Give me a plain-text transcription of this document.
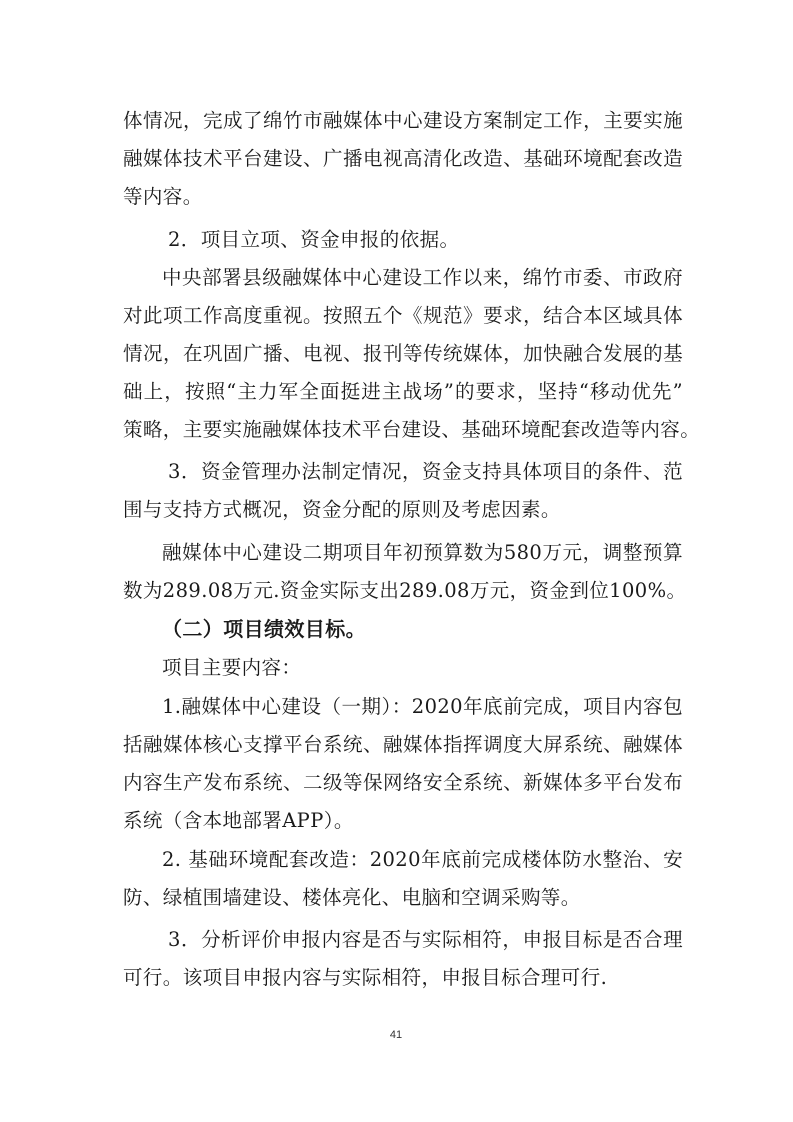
体情况，完成了绵竹市融媒体中心建设方案制定工作，主要实施
融媒体技术平台建设、广播电视高清化改造、基础环境配套改造
等内容。
2．项目立项、资金申报的依据。
中央部署县级融媒体中心建设工作以来，绵竹市委、市政府
对此项工作高度重视。按照五个《规范》要求，结合本区域具体
情况，在巩固广播、电视、报刊等传统媒体，加快融合发展的基
础上，按照“主力军全面挺进主战场”的要求，坚持“移动优先”
策略，主要实施融媒体技术平台建设、基础环境配套改造等内容。
3．资金管理办法制定情况，资金支持具体项目的条件、范
围与支持方式概况，资金分配的原则及考虑因素。
融媒体中心建设二期项目年初预算数为580万元，调整预算
数为289.08万元.资金实际支出289.08万元，资金到位100%。
（二）项目绩效目标。
项目主要内容：
1.融媒体中心建设（一期）：2020年底前完成，项目内容包
括融媒体核心支撑平台系统、融媒体指挥调度大屏系统、融媒体
内容生产发布系统、二级等保网络安全系统、新媒体多平台发布
系统（含本地部署APP）。
2. 基础环境配套改造：2020年底前完成楼体防水整治、安
防、绿植围墙建设、楼体亮化、电脑和空调采购等。
3．分析评价申报内容是否与实际相符，申报目标是否合理
可行。该项目申报内容与实际相符，申报目标合理可行.
41
